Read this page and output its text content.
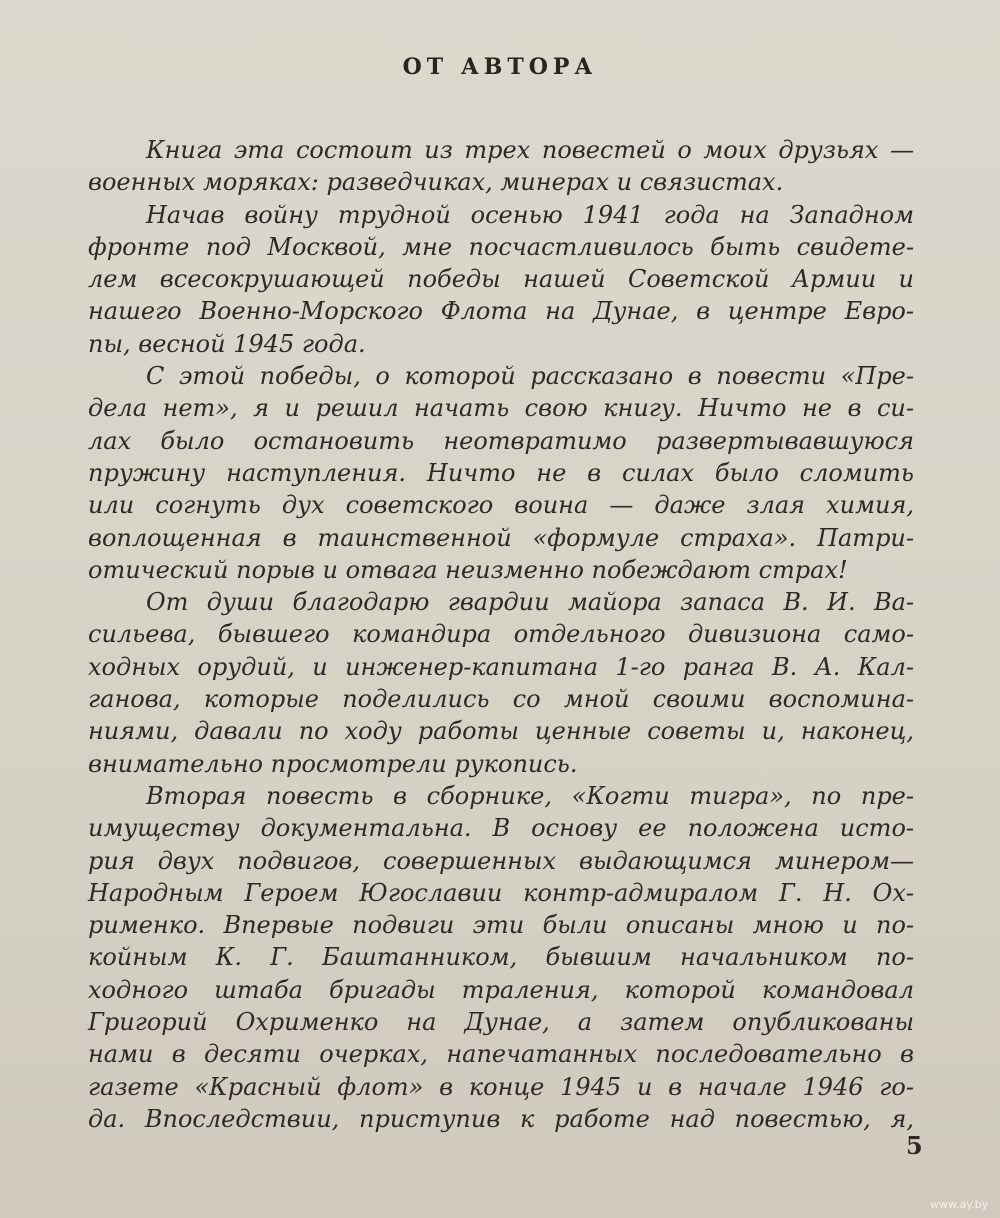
ОТ АВТОРА
Книга эта состоит из трех повестей о моих друзьях —
военных моряках: разведчиках, минерах и связистах.
Начав войну трудной осенью 1941 года на Западном
фронте под Москвой, мне посчастливилось быть свидете-
лем всесокрушающей победы нашей Советской Армии и
нашего Военно-Морского Флота на Дунае, в центре Евро-
пы, весной 1945 года.
С этой победы, о которой рассказано в повести «Пре-
дела нет», я и решил начать свою книгу. Ничто не в си-
лах было остановить неотвратимо развертывавшуюся
пружину наступления. Ничто не в силах было сломить
или согнуть дух советского воина — даже злая химия,
воплощенная в таинственной «формуле страха». Патри-
отический порыв и отвага неизменно побеждают страх!
От души благодарю гвардии майора запаса В. И. Ва-
сильева, бывшего командира отдельного дивизиона само-
ходных орудий, и инженер-капитана 1-го ранга В. А. Кал-
ганова, которые поделились со мной своими воспомина-
ниями, давали по ходу работы ценные советы и, наконец,
внимательно просмотрели рукопись.
Вторая повесть в сборнике, «Когти тигра», по пре-
имуществу документальна. В основу ее положена исто-
рия двух подвигов, совершенных выдающимся минером—
Народным Героем Югославии контр-адмиралом Г. Н. Ох-
рименко. Впервые подвиги эти были описаны мною и по-
койным К. Г. Баштанником, бывшим начальником по-
ходного штаба бригады траления, которой командовал
Григорий Охрименко на Дунае, а затем опубликованы
нами в десяти очерках, напечатанных последовательно в
газете «Красный флот» в конце 1945 и в начале 1946 го-
да. Впоследствии, приступив к работе над повестью, я,
5
www.ay.by
